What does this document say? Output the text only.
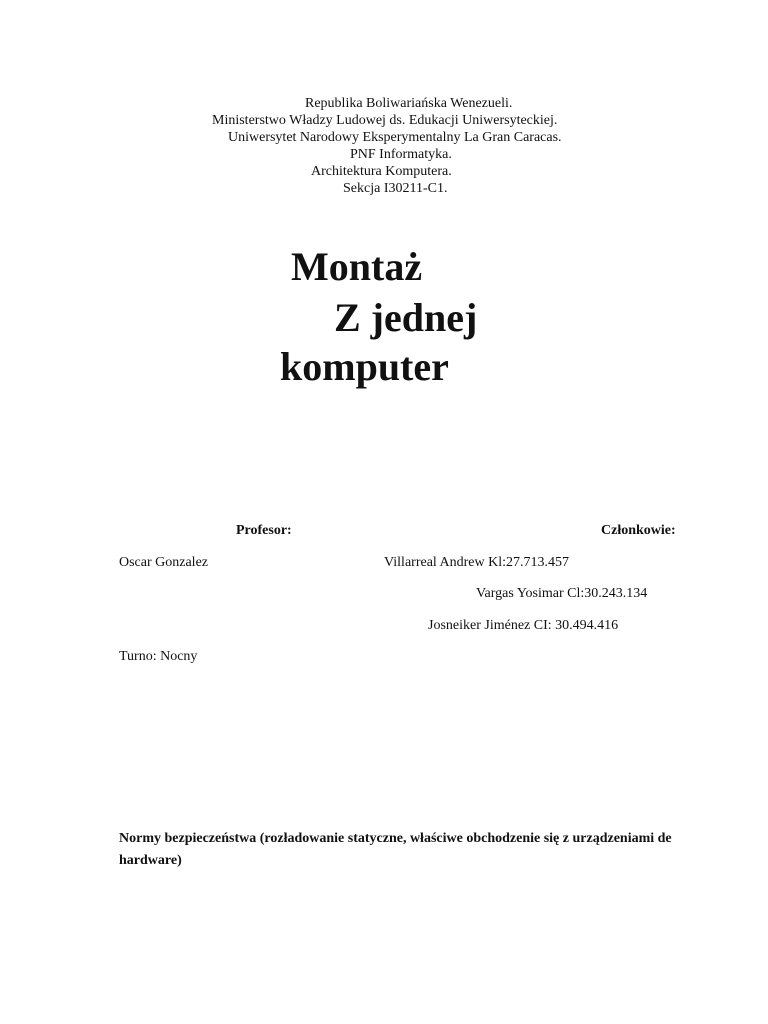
Republika Boliwariańska Wenezueli.
Ministerstwo Władzy Ludowej ds. Edukacji Uniwersyteckiej.
Uniwersytet Narodowy Eksperymentalny La Gran Caracas.
PNF Informatyka.
Architektura Komputera.
Sekcja I30211-C1.
Montaż
Z jednej
komputer
Profesor:	Członkowie:
Oscar Gonzalez	Villarreal Andrew Kl:27.713.457
Vargas Yosimar Cl:30.243.134
Josneiker Jiménez CI: 30.494.416
Turno: Nocny
Normy bezpieczeństwa (rozładowanie statyczne, właściwe obchodzenie się z urządzeniami de hardware)
